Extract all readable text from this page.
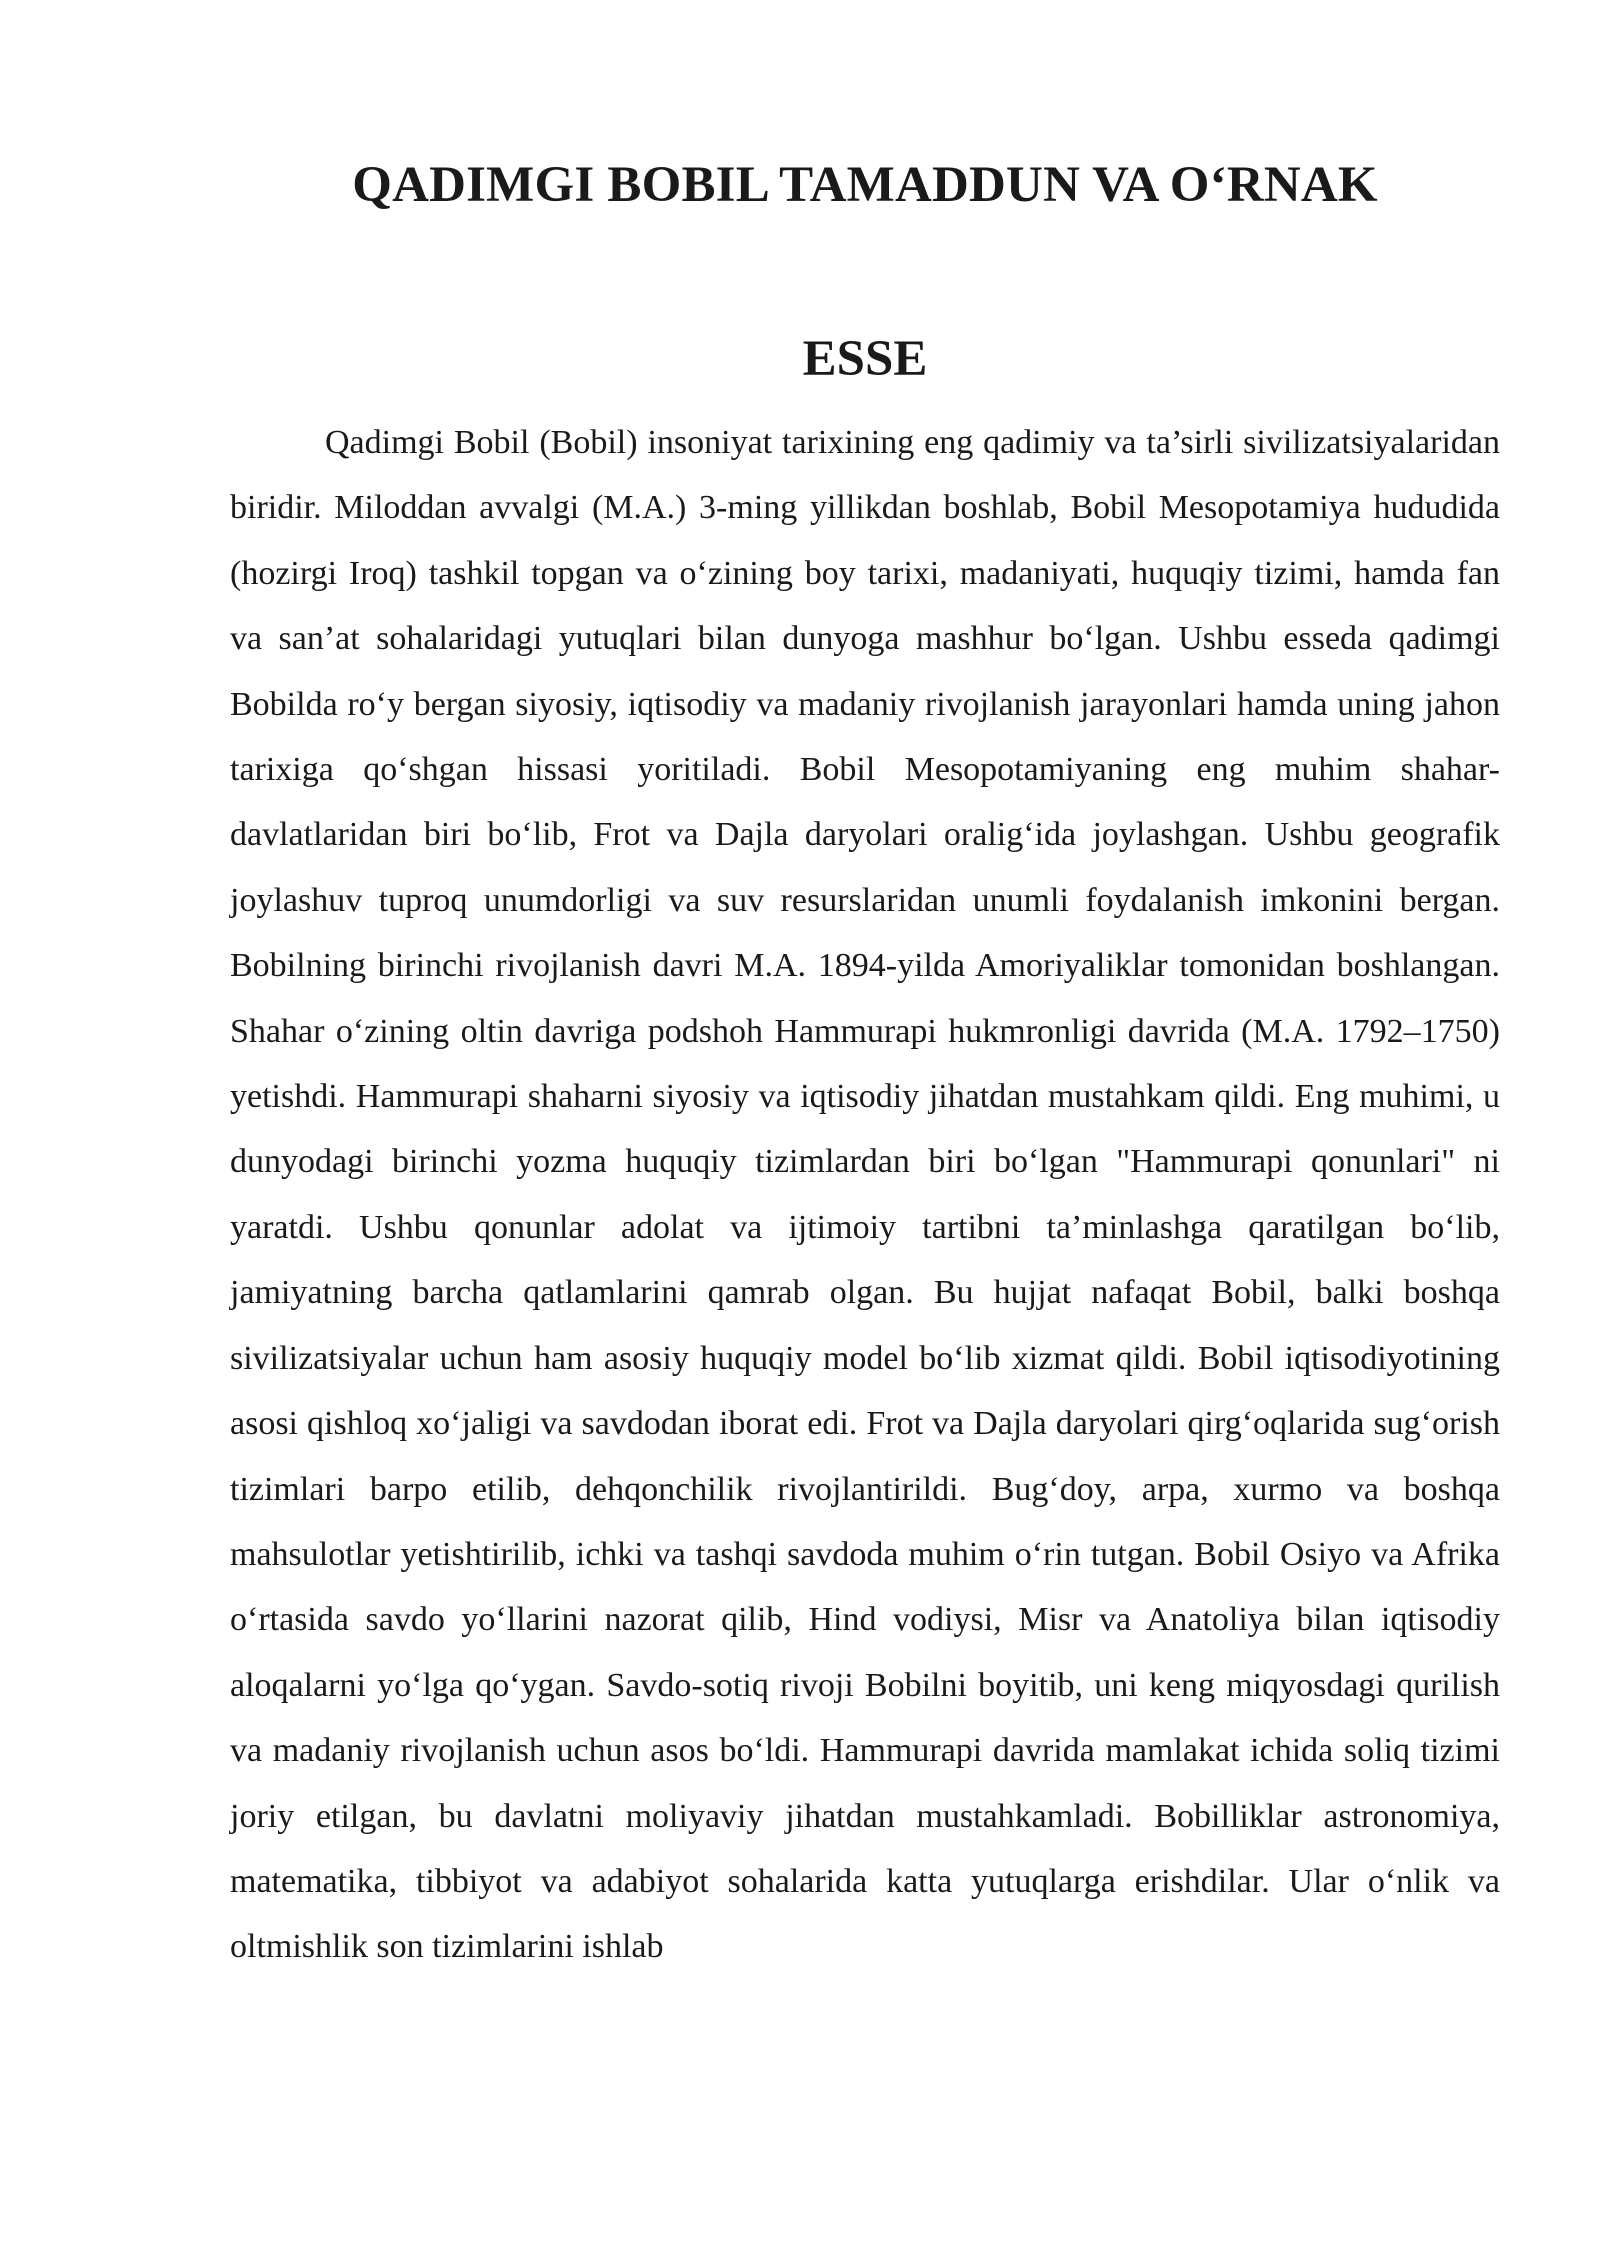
QADIMGI BOBIL TAMADDUN VA O‘RNAK
ESSE

Qadimgi Bobil (Bobil) insoniyat tarixining eng qadimiy va ta’sirli sivilizatsiyalaridan biridir. Miloddan avvalgi (M.A.) 3-ming yillikdan boshlab, Bobil Mesopotamiya hududida (hozirgi Iroq) tashkil topgan va o‘zining boy tarixi, madaniyati, huquqiy tizimi, hamda fan va san’at sohalaridagi yutuqlari bilan dunyoga mashhur bo‘lgan. Ushbu esseda qadimgi Bobilda ro‘y bergan siyosiy, iqtisodiy va madaniy rivojlanish jarayonlari hamda uning jahon tarixiga qo‘shgan hissasi yoritiladi. Bobil Mesopotamiyaning eng muhim shahar-davlatlaridan biri bo‘lib, Frot va Dajla daryolari oralig‘ida joylashgan. Ushbu geografik joylashuv tuproq unumdorligi va suv resurslaridan unumli foydalanish imkonini bergan. Bobilning birinchi rivojlanish davri M.A. 1894-yilda Amoriyaliklar tomonidan boshlangan. Shahar o‘zining oltin davriga podshoh Hammurapi hukmronligi davrida (M.A. 1792–1750) yetishdi. Hammurapi shaharni siyosiy va iqtisodiy jihatdan mustahkam qildi. Eng muhimi, u dunyodagi birinchi yozma huquqiy tizimlardan biri bo‘lgan "Hammurapi qonunlari" ni yaratdi. Ushbu qonunlar adolat va ijtimoiy tartibni ta’minlashga qaratilgan bo‘lib, jamiyatning barcha qatlamlarini qamrab olgan. Bu hujjat nafaqat Bobil, balki boshqa sivilizatsiyalar uchun ham asosiy huquqiy model bo‘lib xizmat qildi. Bobil iqtisodiyotining asosi qishloq xo‘jaligi va savdodan iborat edi. Frot va Dajla daryolari qirg‘oqlarida sug‘orish tizimlari barpo etilib, dehqonchilik rivojlantirildi. Bug‘doy, arpa, xurmo va boshqa mahsulotlar yetishtirilib, ichki va tashqi savdoda muhim o‘rin tutgan. Bobil Osiyo va Afrika o‘rtasida savdo yo‘llarini nazorat qilib, Hind vodiysi, Misr va Anatoliya bilan iqtisodiy aloqalarni yo‘lga qo‘ygan. Savdo-sotiq rivoji Bobilni boyitib, uni keng miqyosdagi qurilish va madaniy rivojlanish uchun asos bo‘ldi. Hammurapi davrida mamlakat ichida soliq tizimi joriy etilgan, bu davlatni moliyaviy jihatdan mustahkamladi. Bobilliklar astronomiya, matematika, tibbiyot va adabiyot sohalarida katta yutuqlarga erishdilar. Ular o‘nlik va oltmishlik son tizimlarini ishlab
